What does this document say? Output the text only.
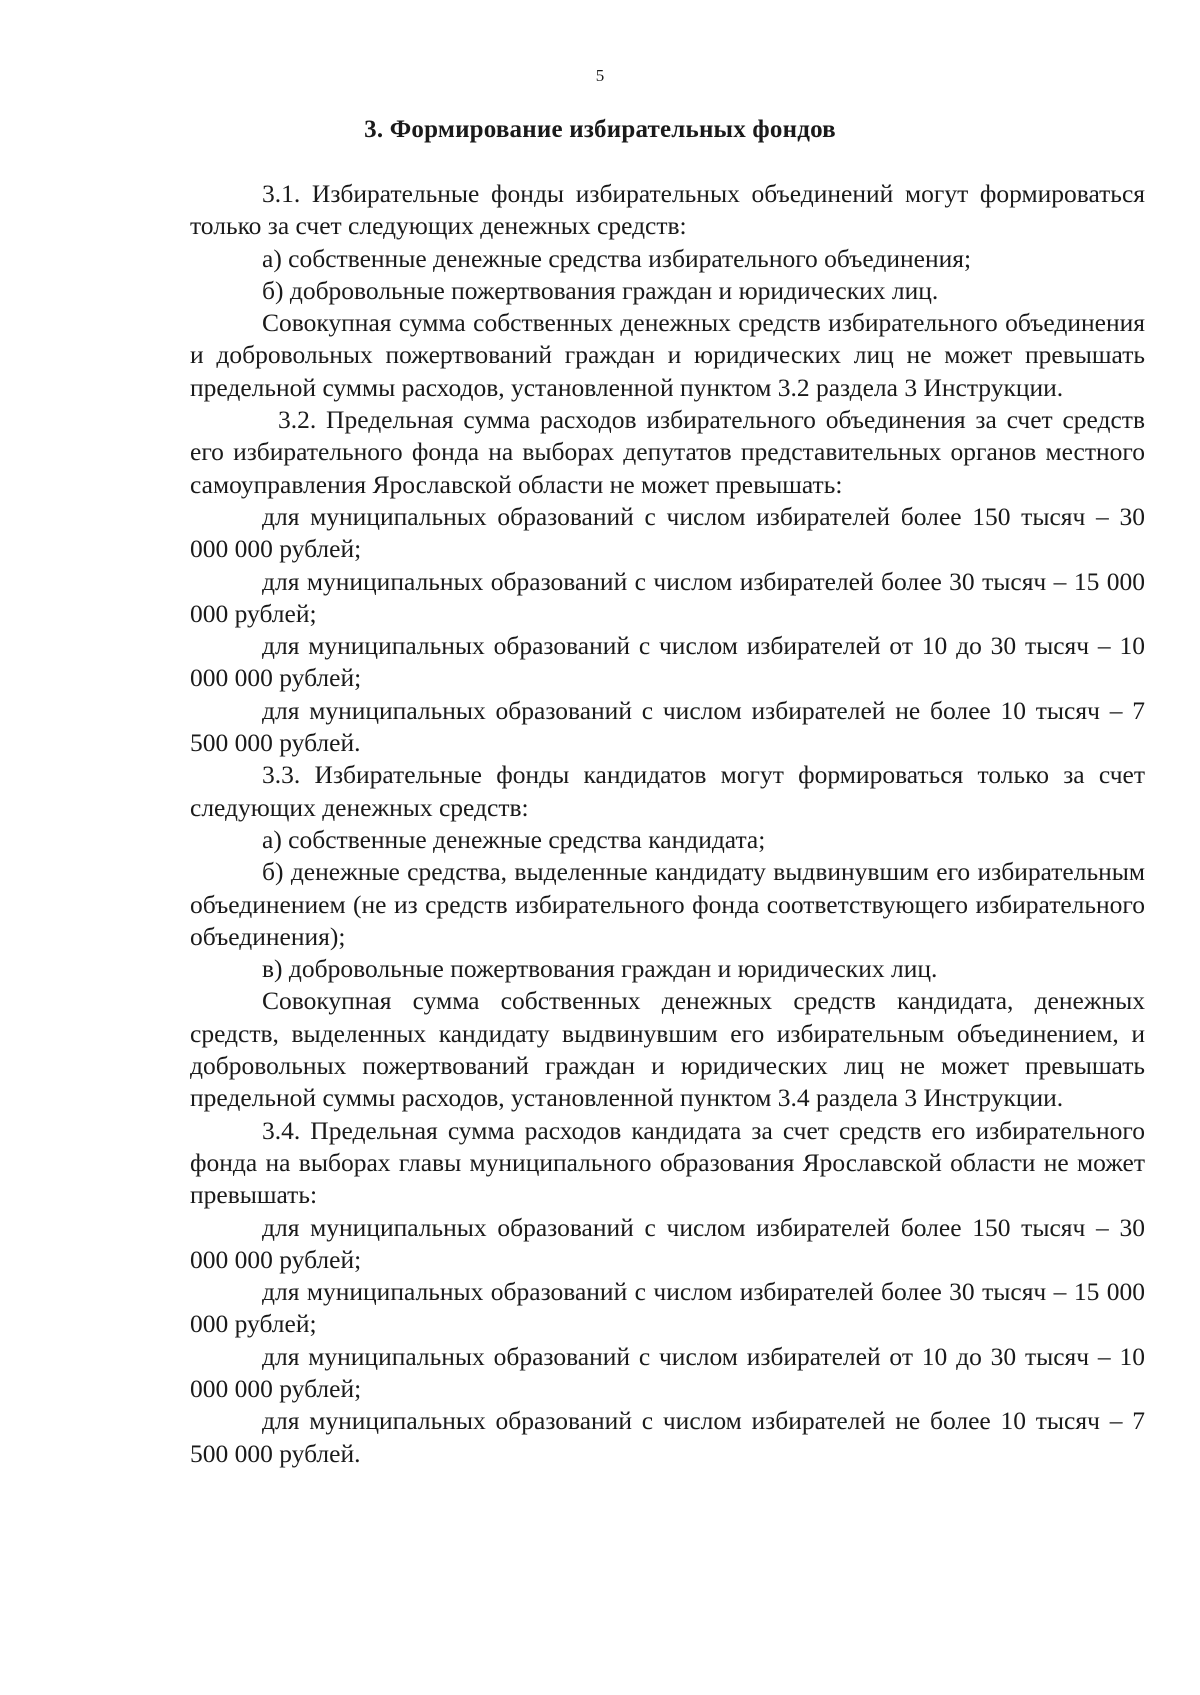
5
3. Формирование избирательных фондов

3.1. Избирательные фонды избирательных объединений могут формироваться только за счет следующих денежных средств:

а) собственные денежные средства избирательного объединения;

б) добровольные пожертвования граждан и юридических лиц.

Совокупная сумма собственных денежных средств избирательного объединения и добровольных пожертвований граждан и юридических лиц не может превышать предельной суммы расходов, установленной пунктом 3.2 раздела 3 Инструкции.

3.2. Предельная сумма расходов избирательного объединения за счет средств его избирательного фонда на выборах депутатов представительных органов местного самоуправления Ярославской области не может превышать:

для муниципальных образований с числом избирателей более 150 тысяч – 30 000 000 рублей;

для муниципальных образований с числом избирателей более 30 тысяч – 15 000 000 рублей;

для муниципальных образований с числом избирателей от 10 до 30 тысяч – 10 000 000 рублей;

для муниципальных образований с числом избирателей не более 10 тысяч – 7 500 000 рублей.

3.3. Избирательные фонды кандидатов могут формироваться только за счет следующих денежных средств:

а) собственные денежные средства кандидата;

б) денежные средства, выделенные кандидату выдвинувшим его избирательным объединением (не из средств избирательного фонда соответствующего избирательного объединения);

в) добровольные пожертвования граждан и юридических лиц.

Совокупная сумма собственных денежных средств кандидата, денежных средств, выделенных кандидату выдвинувшим его избирательным объединением, и добровольных пожертвований граждан и юридических лиц не может превышать предельной суммы расходов, установленной пунктом 3.4 раздела 3 Инструкции.

3.4. Предельная сумма расходов кандидата за счет средств его избирательного фонда на выборах главы муниципального образования Ярославской области не может превышать:

для муниципальных образований с числом избирателей более 150 тысяч – 30 000 000 рублей;

для муниципальных образований с числом избирателей более 30 тысяч – 15 000 000 рублей;

для муниципальных образований с числом избирателей от 10 до 30 тысяч – 10 000 000 рублей;

для муниципальных образований с числом избирателей не более 10 тысяч – 7 500 000 рублей.
